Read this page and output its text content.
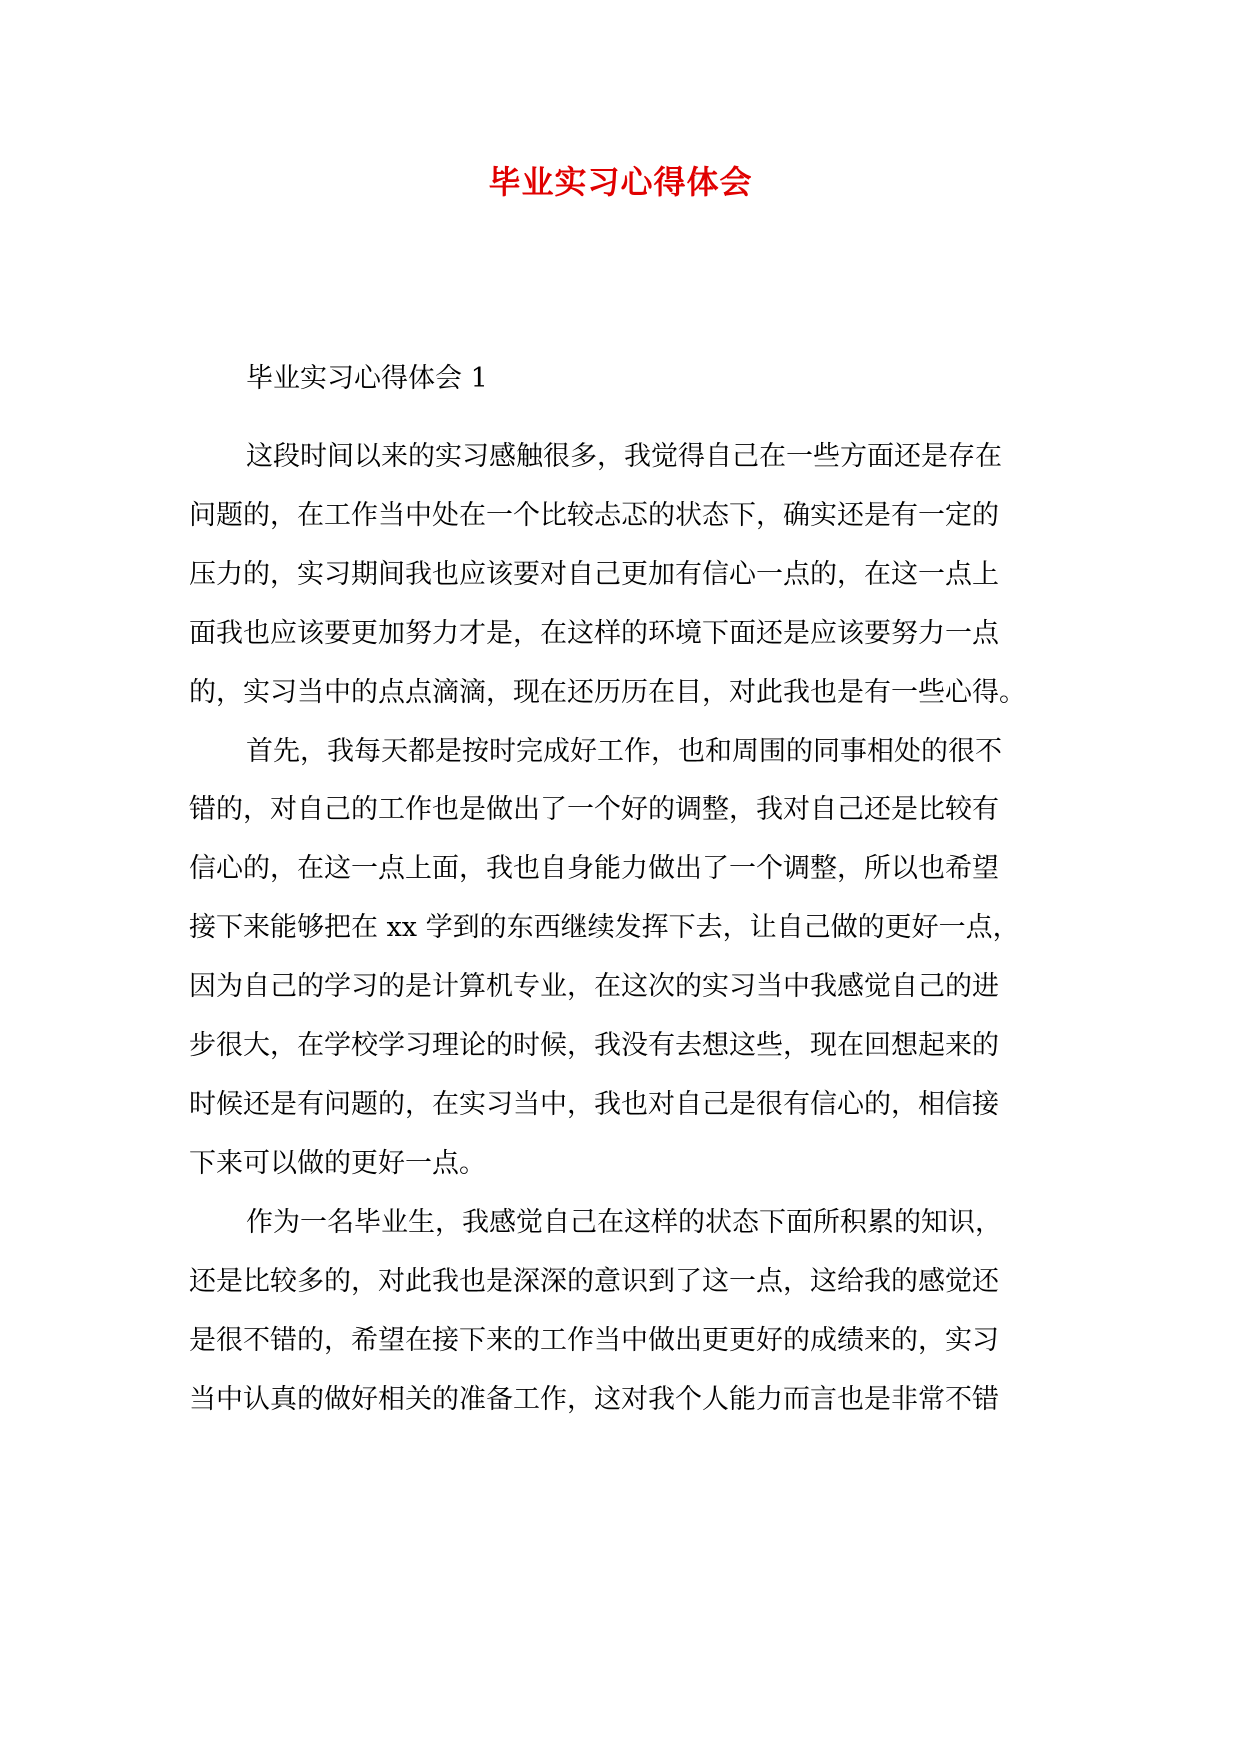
毕业实习心得体会
毕业实习心得体会 1
这段时间以来的实习感触很多，我觉得自己在一些方面还是存在
问题的，在工作当中处在一个比较忐忑的状态下，确实还是有一定的
压力的，实习期间我也应该要对自己更加有信心一点的，在这一点上
面我也应该要更加努力才是，在这样的环境下面还是应该要努力一点
的，实习当中的点点滴滴，现在还历历在目，对此我也是有一些心得。
首先，我每天都是按时完成好工作，也和周围的同事相处的很不
错的，对自己的工作也是做出了一个好的调整，我对自己还是比较有
信心的，在这一点上面，我也自身能力做出了一个调整，所以也希望
接下来能够把在 xx 学到的东西继续发挥下去，让自己做的更好一点，
因为自己的学习的是计算机专业，在这次的实习当中我感觉自己的进
步很大，在学校学习理论的时候，我没有去想这些，现在回想起来的
时候还是有问题的，在实习当中，我也对自己是很有信心的，相信接
下来可以做的更好一点。
作为一名毕业生，我感觉自己在这样的状态下面所积累的知识，
还是比较多的，对此我也是深深的意识到了这一点，这给我的感觉还
是很不错的，希望在接下来的工作当中做出更更好的成绩来的，实习
当中认真的做好相关的准备工作，这对我个人能力而言也是非常不错
